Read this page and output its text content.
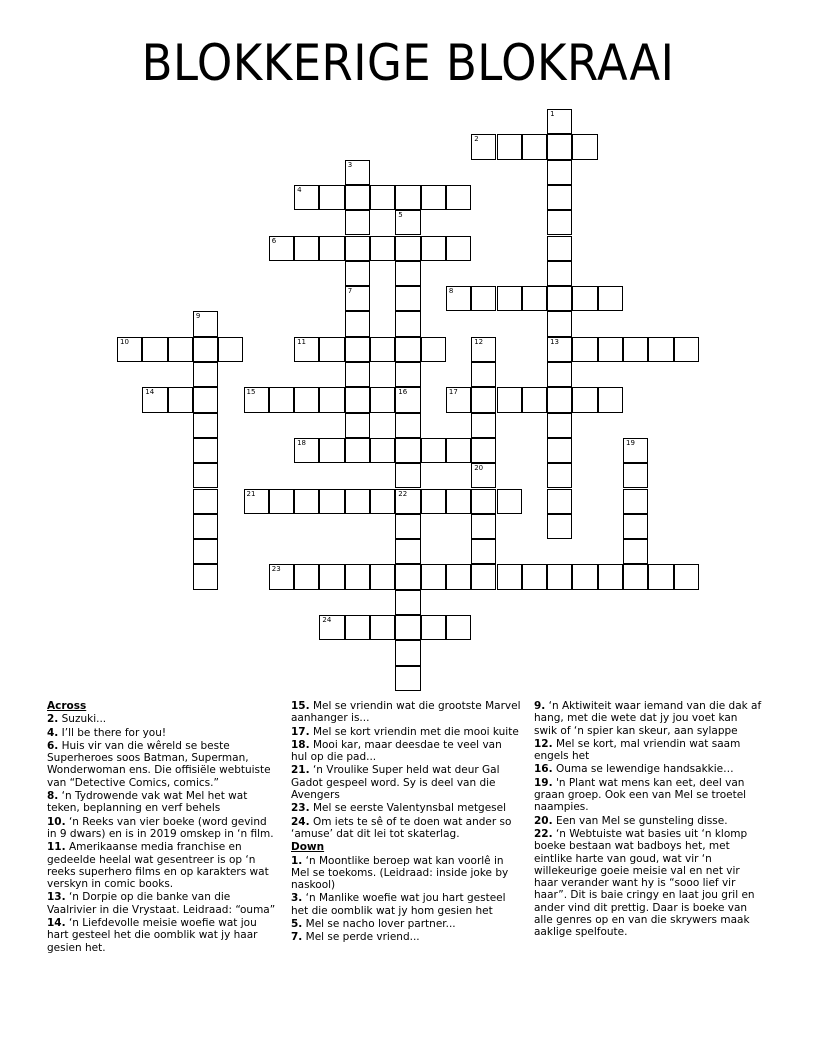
BLOKKERIGE BLOKRAAI
2
4
6
8
10	11	13
14	15	16	17
18
21	22
23
24
1
3
5
7
9
12
19
20
Across
2. Suzuki...
4. I’ll be there for you!
6. Huis vir van die wêreld se beste Superheroes soos Batman, Superman, Wonderwoman ens. Die offisiële webtuiste van “Detective Comics, comics.”
8. ‘n Tydrowende vak wat Mel het wat teken, beplanning en verf behels
10. ‘n Reeks van vier boeke (word gevind in 9 dwars) en is in 2019 omskep in ‘n film.
11. Amerikaanse media franchise en gedeelde heelal wat gesentreer is op ‘n reeks superhero films en op karakters wat verskyn in comic books.
13. ‘n Dorpie op die banke van die Vaalrivier in die Vrystaat. Leidraad: “ouma”
14. ‘n Liefdevolle meisie woefie wat jou hart gesteel het die oomblik wat jy haar gesien het.
15. Mel se vriendin wat die grootste Marvel aanhanger is...
17. Mel se kort vriendin met die mooi kuite
18. Mooi kar, maar deesdae te veel van hul op die pad...
21. ‘n Vroulike Super held wat deur Gal Gadot gespeel word. Sy is deel van die Avengers
23. Mel se eerste Valentynsbal metgesel
24. Om iets te sê of te doen wat ander so ‘amuse’ dat dit lei tot skaterlag.
Down
1. ‘n Moontlike beroep wat kan voorlê in Mel se toekoms. (Leidraad: inside joke by naskool)
3. ‘n Manlike woefie wat jou hart gesteel het die oomblik wat jy hom gesien het
5. Mel se nacho lover partner...
7. Mel se perde vriend...
9. ‘n Aktiwiteit waar iemand van die dak af hang, met die wete dat jy jou voet kan swik of ‘n spier kan skeur, aan sylappe
12. Mel se kort, mal vriendin wat saam engels het
16. Ouma se lewendige handsakkie…
19. 'n Plant wat mens kan eet, deel van graan groep. Ook een van Mel se troetel naampies.
20. Een van Mel se gunsteling disse.
22. ‘n Webtuiste wat basies uit ‘n klomp boeke bestaan wat badboys het, met eintlike harte van goud, wat vir ‘n willekeurige goeie meisie val en net vir haar verander want hy is “sooo lief vir haar”. Dit is baie cringy en laat jou gril en ander vind dit prettig. Daar is boeke van alle genres op en van die skrywers maak aaklige spelfoute.
